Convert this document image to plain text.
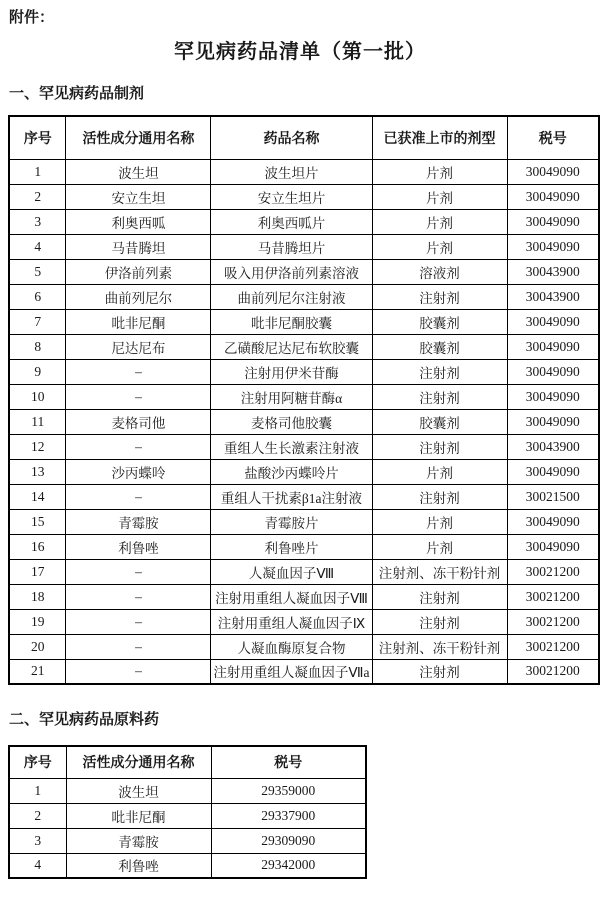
附件：
罕见病药品清单（第一批）
一、罕见病药品制剂
序号	活性成分通用名称	药品名称	已获准上市的剂型	税号
1	波生坦	波生坦片	片剂	30049090
2	安立生坦	安立生坦片	片剂	30049090
3	利奥西呱	利奥西呱片	片剂	30049090
4	马昔腾坦	马昔腾坦片	片剂	30049090
5	伊洛前列素	吸入用伊洛前列素溶液	溶液剂	30043900
6	曲前列尼尔	曲前列尼尔注射液	注射剂	30043900
7	吡非尼酮	吡非尼酮胶囊	胶囊剂	30049090
8	尼达尼布	乙磺酸尼达尼布软胶囊	胶囊剂	30049090
9	–	注射用伊米苷酶	注射剂	30049090
10	–	注射用阿糖苷酶α	注射剂	30049090
11	麦格司他	麦格司他胶囊	胶囊剂	30049090
12	–	重组人生长激素注射液	注射剂	30043900
13	沙丙蝶呤	盐酸沙丙蝶呤片	片剂	30049090
14	–	重组人干扰素β1a注射液	注射剂	30021500
15	青霉胺	青霉胺片	片剂	30049090
16	利鲁唑	利鲁唑片	片剂	30049090
17	–	人凝血因子Ⅷ	注射剂、冻干粉针剂	30021200
18	–	注射用重组人凝血因子Ⅷ	注射剂	30021200
19	–	注射用重组人凝血因子Ⅸ	注射剂	30021200
20	–	人凝血酶原复合物	注射剂、冻干粉针剂	30021200
21	–	注射用重组人凝血因子Ⅶa	注射剂	30021200
二、罕见病药品原料药
序号	活性成分通用名称	税号
1	波生坦	29359000
2	吡非尼酮	29337900
3	青霉胺	29309090
4	利鲁唑	29342000
